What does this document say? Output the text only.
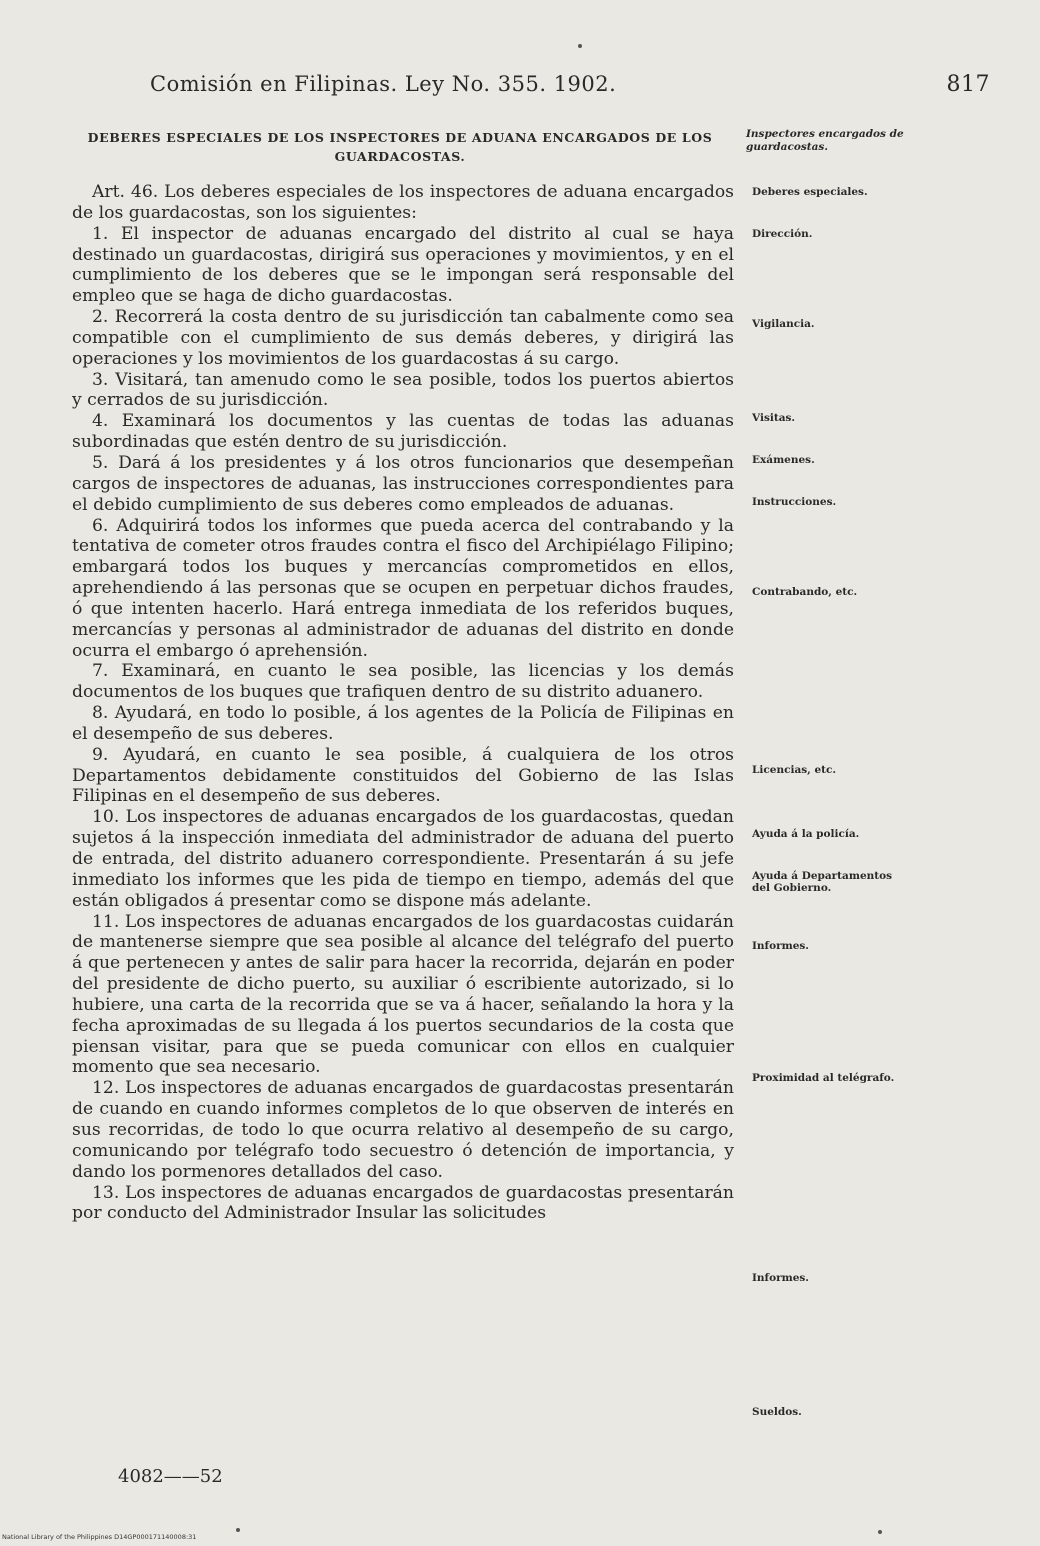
Comisión en Filipinas. Ley No. 355. 1902.	817
DEBERES ESPECIALES DE LOS INSPECTORES DE ADUANA ENCARGADOS DE LOS GUARDACOSTAS.
Inspectores encargados de guardacostas.

Art. 46. Los deberes especiales de los inspectores de aduana encargados de los guardacostas, son los siguientes:

1. El inspector de aduanas encargado del distrito al cual se haya destinado un guardacostas, dirigirá sus operaciones y movimientos, y en el cumplimiento de los deberes que se le impongan será responsable del empleo que se haga de dicho guardacostas.

2. Recorrerá la costa dentro de su jurisdicción tan cabalmente como sea compatible con el cumplimiento de sus demás deberes, y dirigirá las operaciones y los movimientos de los guardacostas á su cargo.

3. Visitará, tan amenudo como le sea posible, todos los puertos abiertos y cerrados de su jurisdicción.

4. Examinará los documentos y las cuentas de todas las aduanas subordinadas que estén dentro de su jurisdicción.

5. Dará á los presidentes y á los otros funcionarios que desempeñan cargos de inspectores de aduanas, las instrucciones correspondientes para el debido cumplimiento de sus deberes como empleados de aduanas.

6. Adquirirá todos los informes que pueda acerca del contrabando y la tentativa de cometer otros fraudes contra el fisco del Archipiélago Filipino; embargará todos los buques y mercancías comprometidos en ellos, aprehendiendo á las personas que se ocupen en perpetuar dichos fraudes, ó que intenten hacerlo. Hará entrega inmediata de los referidos buques, mercancías y personas al administrador de aduanas del distrito en donde ocurra el embargo ó aprehensión.

7. Examinará, en cuanto le sea posible, las licencias y los demás documentos de los buques que trafiquen dentro de su distrito aduanero.

8. Ayudará, en todo lo posible, á los agentes de la Policía de Filipinas en el desempeño de sus deberes.

9. Ayudará, en cuanto le sea posible, á cualquiera de los otros Departamentos debidamente constituidos del Gobierno de las Islas Filipinas en el desempeño de sus deberes.

10. Los inspectores de aduanas encargados de los guardacostas, quedan sujetos á la inspección inmediata del administrador de aduana del puerto de entrada, del distrito aduanero correspondiente. Presentarán á su jefe inmediato los informes que les pida de tiempo en tiempo, además del que están obligados á presentar como se dispone más adelante.

11. Los inspectores de aduanas encargados de los guardacostas cuidarán de mantenerse siempre que sea posible al alcance del telégrafo del puerto á que pertenecen y antes de salir para hacer la recorrida, dejarán en poder del presidente de dicho puerto, su auxiliar ó escribiente autorizado, si lo hubiere, una carta de la recorrida que se va á hacer, señalando la hora y la fecha aproximadas de su llegada á los puertos secundarios de la costa que piensan visitar, para que se pueda comunicar con ellos en cualquier momento que sea necesario.

12. Los inspectores de aduanas encargados de guardacostas presentarán de cuando en cuando informes completos de lo que observen de interés en sus recorridas, de todo lo que ocurra relativo al desempeño de su cargo, comunicando por telégrafo todo secuestro ó detención de importancia, y dando los pormenores detallados del caso.

13. Los inspectores de aduanas encargados de guardacostas presentarán por conducto del Administrador Insular las solicitudes

Deberes especiales.
Dirección.
Vigilancia.
Visitas.
Exámenes.
Instrucciones.
Contrabando, etc.
Licencias, etc.
Ayuda á la policía.
Ayuda á Departamentos del Gobierno.
Informes.
Proximidad al telégrafo.
Informes.
Sueldos.
4082——52
National Library of the Philippines D14GP000171140008:31
